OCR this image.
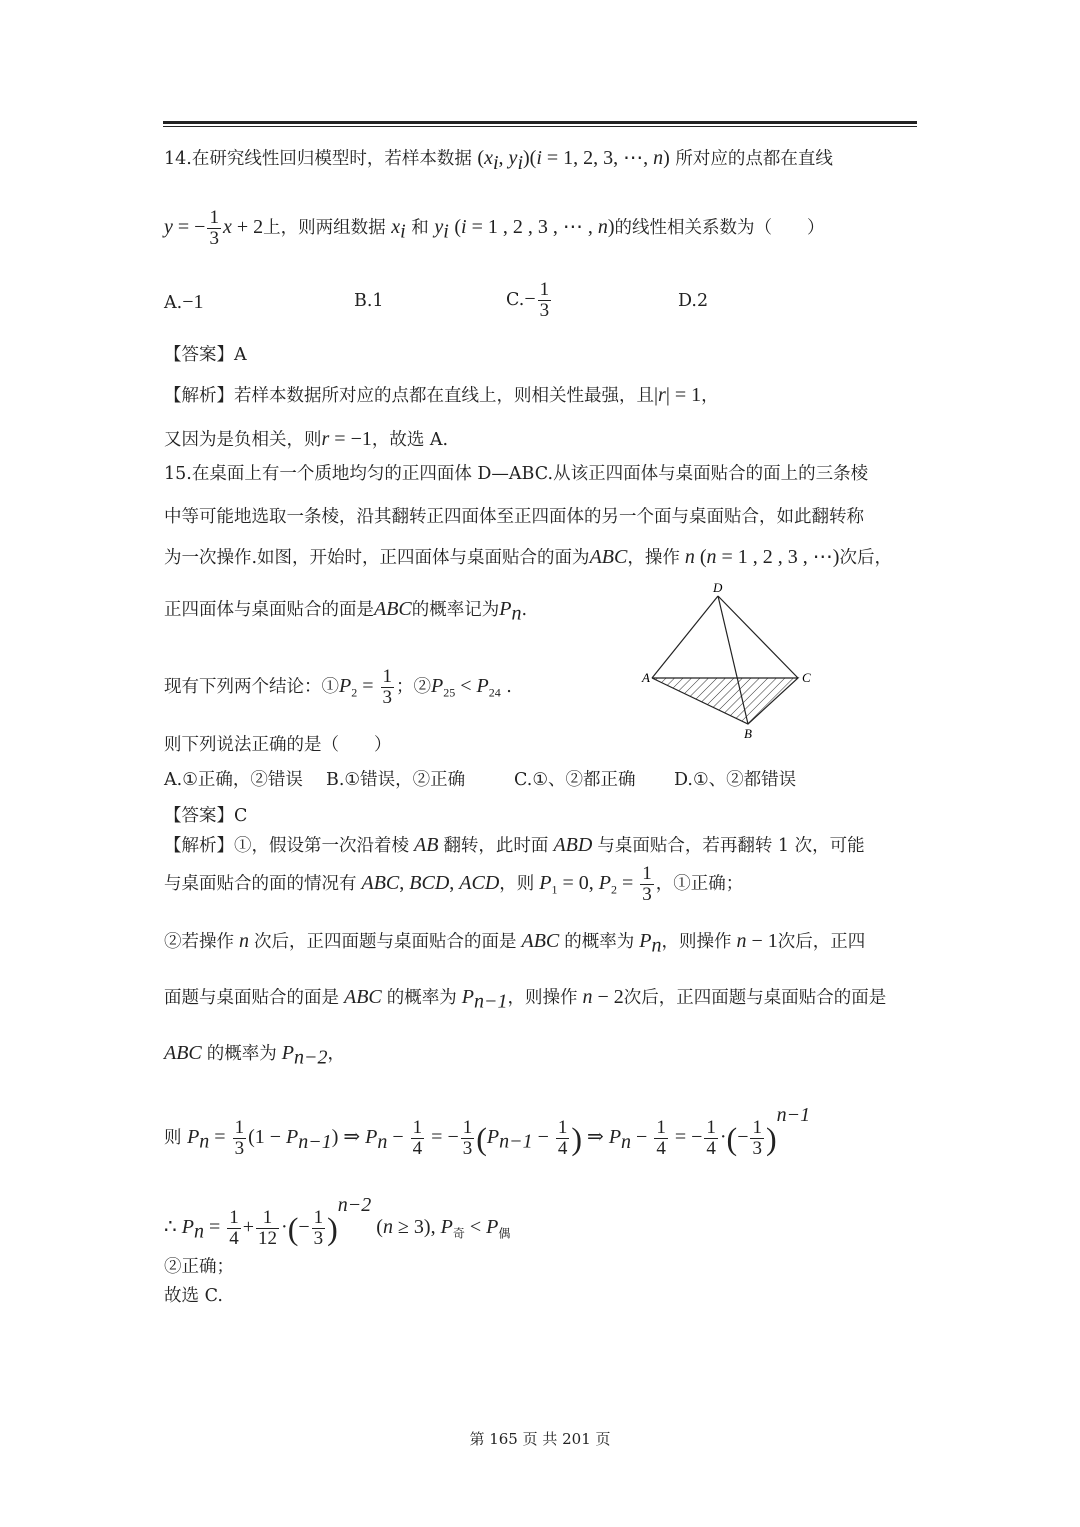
14.在研究线性回归模型时，若样本数据 ($x_i$, $y_i)(i = 1$, 2, 3, ⋯, n) 所对应的点都在直线
y = − $\frac{1}{3}$ x + 2上，则两组数据 $x_i$ 和 $y_i$ (i = 1 , 2 , 3 , ⋯ , n)的线性相关系数为（　　）
A.−1	B.1	$C.- \frac{1}{3}$	D.2
【答案】A
【解析】若样本数据所对应的点都在直线上，则相关性最强，且|r| = 1，
又因为是负相关，则r = −1，故选 A.
15.在桌面上有一个质地均匀的正四面体 D—ABC.从该正四面体与桌面贴合的面上的三条棱
中等可能地选取一条棱，沿其翻转正四面体至正四面体的另一个面与桌面贴合，如此翻转称
为一次操作.如图，开始时，正四面体与桌面贴合的面为ABC，操作 n (n = 1 , 2 , 3 , ⋯)次后，
正四面体与桌面贴合的面是ABC的概率记为$P_n$.
现有下列两个结论：$①P_2 = \frac{1}{3}$ ；$②P_{25} < P_{24}$ .
D
A	C
B
则下列说法正确的是（　　）
A.①正确，②错误 B.①错误，②正确	C.①、②都正确 D.①、②都错误
【答案】C
【解析】①，假设第一次沿着棱 AB 翻转，此时面 ABD 与桌面贴合，若再翻转 1 次，可能
与桌面贴合的面的情况有 ABC, BCD, ACD，则 $P_1 = 0$, $P_2 = \frac{1}{3}$ ，①正确；
②若操作 n 次后，正四面题与桌面贴合的面是 ABC 的概率为 $P_n$，则操作 n − 1次后，正四
面题与桌面贴合的面是 ABC 的概率为 $P_{n-1}$，则操作 n − 2次后，正四面题与桌面贴合的面是
ABC 的概率为 $P_{n-2}$，
则 $P_n = \frac{1}{3} (1 - P_{n-1})$ ⇒ $P_n - \frac{1}{4}$ = − $\frac{1}{3} (P_{n-1} - \frac{1}{4}$ ) ⇒ $P_n - \frac{1}{4}$ = − $\frac{1}{4}$ ·(− $\frac{1}{3} )^{n-1}$
∴ $P_n = \frac{1}{4} + \frac{1}{12}$ ·(− $\frac{1}{3} )^{n-2}$ (n ≥ 3), $P_奇 < P_偶$
②正确；
故选 C.
第 165 页 共 201 页
